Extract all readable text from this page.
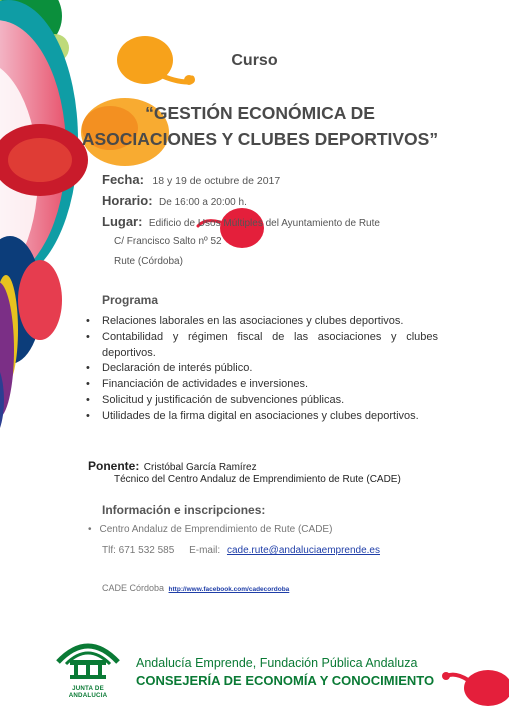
Curso
“GESTIÓN ECONÓMICA DE
ASOCIACIONES Y CLUBES DEPORTIVOS”
Fecha: 18 y 19 de octubre de 2017
Horario: De 16:00 a 20:00 h.
Lugar: Edificio de Usos Múltiples del Ayuntamiento de Rute
C/ Francisco Salto nº 52
Rute (Córdoba)
Programa
• Relaciones laborales en las asociaciones y clubes deportivos.
• Contabilidad y régimen fiscal de las asociaciones y clubes deportivos.
• Declaración de interés público.
• Financiación de actividades e inversiones.
• Solicitud y justificación de subvenciones públicas.
• Utilidades de la firma digital en asociaciones y clubes deportivos.
Ponente: Cristóbal García Ramírez
Técnico del Centro Andaluz de Emprendimiento de Rute (CADE)
Información e inscripciones:
• Centro Andaluz de Emprendimiento de Rute (CADE)
Tlf: 671 532 585 E-mail: cade.rute@andaluciaemprende.es
CADE Córdoba http://www.facebook.com/cadecordoba
JUNTA DE ANDALUCIA
Andalucía Emprende, Fundación Pública Andaluza
CONSEJERÍA DE ECONOMÍA Y CONOCIMIENTO
